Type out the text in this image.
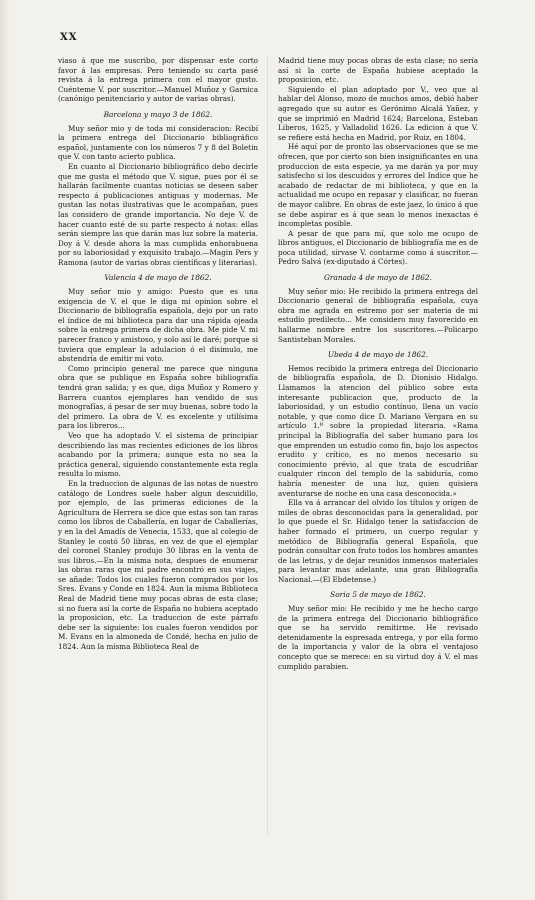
XX

viaso á que me suscribo, por dispensar este corto favor á las empresas. Pero teniendo su carta pasé revista á la entrega primera con el mayor gusto. Cuénteme V. por suscritor.—Manuel Muñoz y Garnica (canónigo penitenciario y autor de varias obras).

Barcelona y mayo 3 de 1862.

Muy señor mio y de toda mi consideracion: Recibí la primera entrega del Diccionario bibliográfico español, juntamente con los números 7 y 8 del Boletin que V. con tanto acierto publica.

En cuanto al Diccionario bibliográfico debo decirle que me gusta el método que V. sigue, pues por él se hallarán facilmente cuantas noticias se deseen saber respecto á publicaciones antiguas y modernas. Me gustan las notas ilustrativas que le acompañan, pues las considero de grande importancia. No deje V. de hacer cuanto esté de su parte respecto á notas: ellas serán siempre las que darán mas luz sobre la materia. Doy á V. desde ahora la mas cumplida enhorabuena por su laboriosidad y exquisito trabajo.—Magin Pers y Ramona (autor de varias obras científicas y literarias).

Valencia 4 de mayo de 1862.

Muy señor mio y amigo: Puesto que es una exigencia de V. el que le diga mi opinion sobre el Diccionario de bibliografía española, dejo por un rato el índice de mi biblioteca para dar una rápida ojeada sobre la entrega primera de dicha obra. Me pide V. mi parecer franco y amistoso, y solo así le daré; porque si tuviera que emplear la adulacion ó el disimulo, me abstendría de emitir mi voto.

Como principio general me parece que ninguna obra que se publique en España sobre bibliografía tendrá gran salida; y es que, diga Muñoz y Romero y Barrera cuantos ejemplares han vendido de sus monografías, á pesar de ser muy buenas, sobre todo la del primero. La obra de V. es excelente y utilísima para los libreros...

Veo que ha adoptado V. el sistema de principiar describiendo las mas recientes ediciones de los libros acabando por la primera; aunque esta no sea la práctica general, siguiendo constantemente esta regla resulta lo mismo.

En la traduccion de algunas de las notas de nuestro catálogo de Londres suele haber algun descuidillo, por ejemplo, de las primeras ediciones de la Agricultura de Herrera se dice que estas son tan raras como los libros de Caballería, en lugar de Caballerías, y en la del Amadís de Venecia, 1533, que al colegio de Stanley le costó 50 libras, en vez de que el ejemplar del coronel Stanley produjo 30 libras en la venta de sus libros.—En la misma nota, despues de enumerar las obras raras que mi padre encontró en sus viajes, se añade: Todos los cuales fueron comprados por los Sres. Evans y Conde en 1824. Aun la misma Biblioteca Real de Madrid tiene muy pocas obras de esta clase; si no fuera así la corte de España no hubiera aceptado la proposicion, etc. La traduccion de este párrafo debe ser la siguiente: los cuales fueron vendidos por M. Evans en la almoneda de Condé, hecha en julio de 1824. Aun la misma Biblioteca Real de

Madrid tiene muy pocas obras de esta clase; no sería así si la corte de España hubiese aceptado la proposicion, etc.

Siguiendo el plan adoptado por V., veo que al hablar del Alonso, mozo de muchos amos, debió haber agregado que su autor es Gerónimo Alcalá Yañez, y que se imprimió en Madrid 1624; Barcelona, Esteban Liberos, 1625, y Valladolid 1626. La edicion á que V. se refiere está hecha en Madrid, por Ruiz, en 1804.

Hé aquí por de pronto las observaciones que se me ofrecen, que por cierto son bien insignificantes en una produccion de esta especie, ya me darán ya por muy satisfecho si los descuidos y errores del Indice que he acabado de redactar de mi biblioteca, y que en la actualidad me ocupo en repasar y clasificar, no fueran de mayor calibre. En obras de este jaez, lo único á que se debe aspirar es á que sean lo menos inexactas é incompletas posible.

A pesar de que para mí, que solo me ocupo de libros antiguos, el Diccionario de bibliografía me es de poca utilidad, sírvase V. contarme como á suscritor.—Pedro Salvá (ex-diputado á Córtes).

Granada 4 de mayo de 1862.

Muy señor mio: He recibido la primera entrega del Diccionario general de bibliografía española, cuya obra me agrada en estremo por ser materia de mi estudio predilecto... Me considero muy favorecido en hallarme nombre entre los suscritores.—Policarpo Santisteban Morales.

Ubeda 4 de mayo de 1862.

Hemos recibido la primera entrega del Diccionario de bibliografía española, de D. Dionisio Hidalgo. Llamamos la atencion del público sobre esta interesante publicacion que, producto de la laboriosidad, y un estudio contínuo, llena un vacío notable, y que como dice D. Mariano Vergara en su artículo 1.º sobre la propiedad literaria. «Rama principal la Bibliografía del saber humano para los que emprenden un estudio como fin, bajo los aspectos erudito y crítico, es no menos necesario su conocimiento prévio, al que trata de escudriñar cualquier rincon del templo de la sabiduría, como habría menester de una luz, quien quisiera aventurarse de noche en una casa desconocida.»

Ella va á arrancar del olvido los títulos y orígen de miles de obras desconocidas para la generalidad, por lo que puede el Sr. Hidalgo tener la satisfaccion de haber formado el primero, un cuerpo regular y metódico de Bibliografía general Española, que podrán consultar con fruto todos los hombres amantes de las letras, y de dejar reunidos inmensos materiales para levantar mas adelante, una gran Bibliografía Nacional.—(El Ebdetense.)

Soria 5 de mayo de 1862.

Muy señor mio: He recibido y me he hecho cargo de la primera entrega del Diccionario bibliográfico que se ha servido remitirme. He revisado detenidamente la espresada entrega, y por ella formo de la importancia y valor de la obra el ventajoso concepto que se merece: en su virtud doy á V. el mas cumplido parabien.
